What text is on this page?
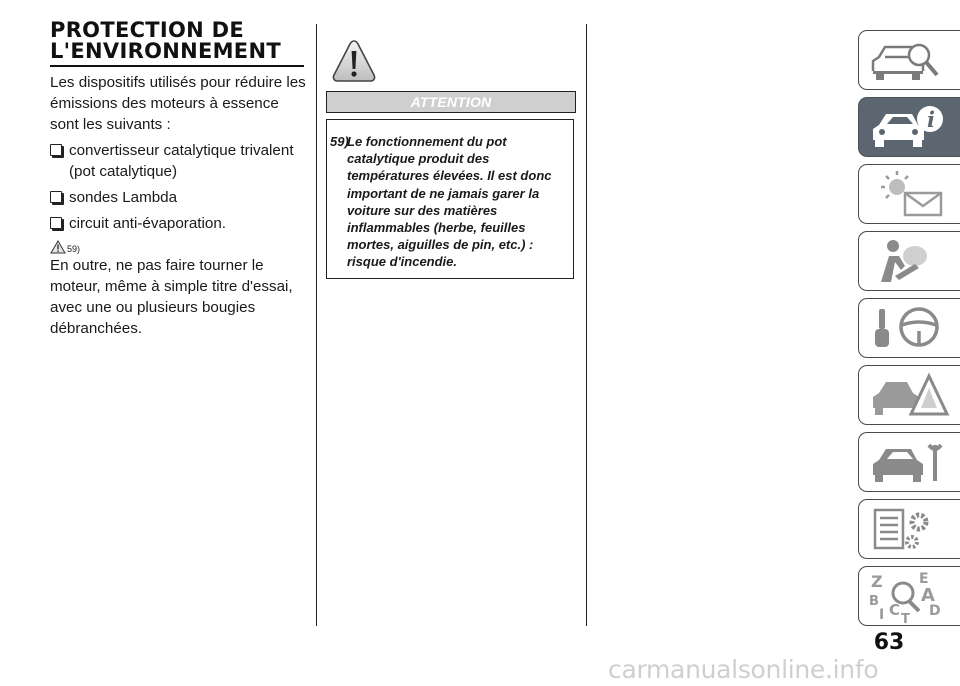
PROTECTION DE
L'ENVIRONNEMENT

Les dispositifs utilisés pour réduire les émissions des moteurs à essence sont les suivants :

convertisseur catalytique trivalent (pot catalytique)

sondes Lambda

circuit anti-évaporation.

59)

En outre, ne pas faire tourner le moteur, même à simple titre d'essai, avec une ou plusieurs bougies débranchées.

ATTENTION
59)
Le fonctionnement du pot catalytique produit des températures élevées. Il est donc important de ne jamais garer la voiture sur des matières inflammables (herbe, feuilles mortes, aiguilles de pin, etc.) : risque d'incendie.
i
Z	E
A
B C D
I T
63
carmanualsonline.info
